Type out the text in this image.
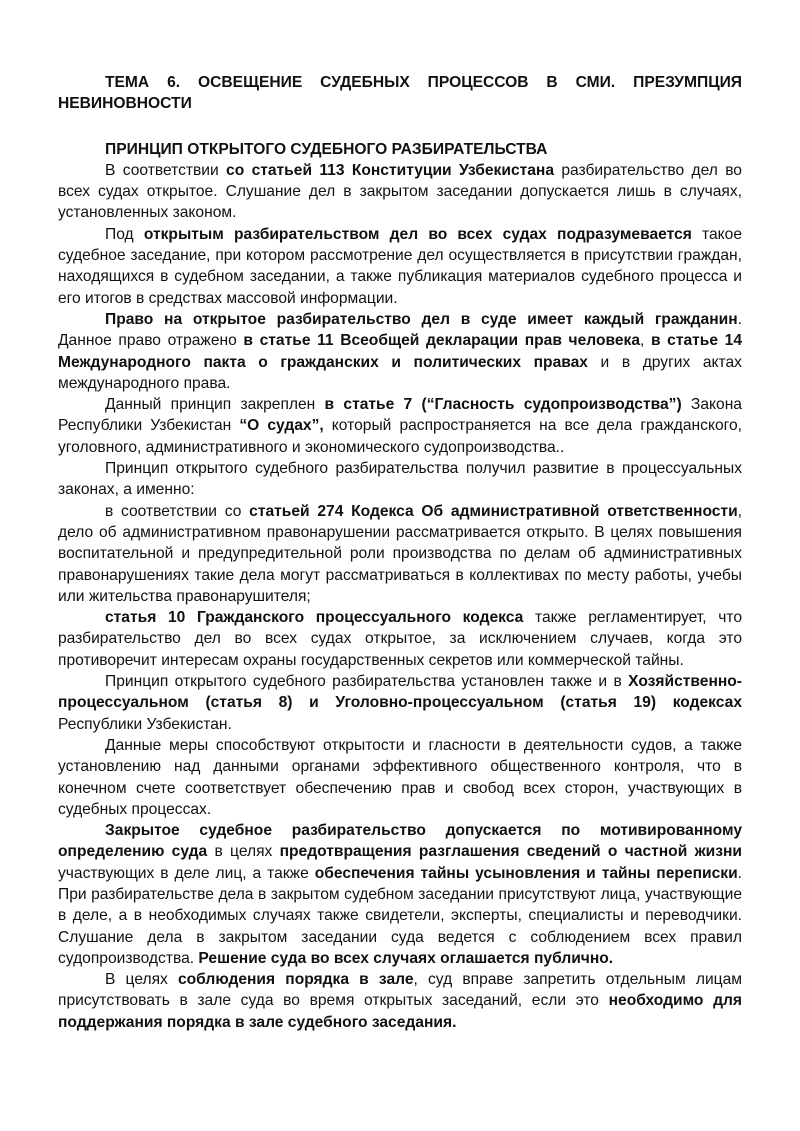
ТЕМА 6. ОСВЕЩЕНИЕ СУДЕБНЫХ ПРОЦЕССОВ В СМИ. ПРЕЗУМПЦИЯ НЕВИНОВНОСТИ

ПРИНЦИП ОТКРЫТОГО СУДЕБНОГО РАЗБИРАТЕЛЬСТВА

В соответствии со статьей 113 Конституции Узбекистана разбирательство дел во всех судах открытое. Слушание дел в закрытом заседании допускается лишь в случаях, установленных законом.

Под открытым разбирательством дел во всех судах подразумевается такое судебное заседание, при котором рассмотрение дел осуществляется в присутствии граждан, находящихся в судебном заседании, а также публикация материалов судебного процесса и его итогов в средствах массовой информации.

Право на открытое разбирательство дел в суде имеет каждый гражданин. Данное право отражено в статье 11 Всеобщей декларации прав человека, в статье 14 Международного пакта о гражданских и политических правах и в других актах международного права.

Данный принцип закреплен в статье 7 (“Гласность судопроизводства”) Закона Республики Узбекистан “О судах”, который распространяется на все дела гражданского, уголовного, административного и экономического судопроизводства..

Принцип открытого судебного разбирательства получил развитие в процессуальных законах, а именно:

в соответствии со статьей 274 Кодекса Об административной ответственности, дело об административном правонарушении рассматривается открыто. В целях повышения воспитательной и предупредительной роли производства по делам об административных правонарушениях такие дела могут рассматриваться в коллективах по месту работы, учебы или жительства правонарушителя;

статья 10 Гражданского процессуального кодекса также регламентирует, что разбирательство дел во всех судах открытое, за исключением случаев, когда это противоречит интересам охраны государственных секретов или коммерческой тайны.

Принцип открытого судебного разбирательства установлен также и в Хозяйственно-процессуальном (статья 8) и Уголовно-процессуальном (статья 19) кодексах Республики Узбекистан.

Данные меры способствуют открытости и гласности в деятельности судов, а также установлению над данными органами эффективного общественного контроля, что в конечном счете соответствует обеспечению прав и свобод всех сторон, участвующих в судебных процессах.

Закрытое судебное разбирательство допускается по мотивированному определению суда в целях предотвращения разглашения сведений о частной жизни участвующих в деле лиц, а также обеспечения тайны усыновления и тайны переписки. При разбирательстве дела в закрытом судебном заседании присутствуют лица, участвующие в деле, а в необходимых случаях также свидетели, эксперты, специалисты и переводчики. Слушание дела в закрытом заседании суда ведется с соблюдением всех правил судопроизводства. Решение суда во всех случаях оглашается публично.

В целях соблюдения порядка в зале, суд вправе запретить отдельным лицам присутствовать в зале суда во время открытых заседаний, если это необходимо для поддержания порядка в зале судебного заседания.
